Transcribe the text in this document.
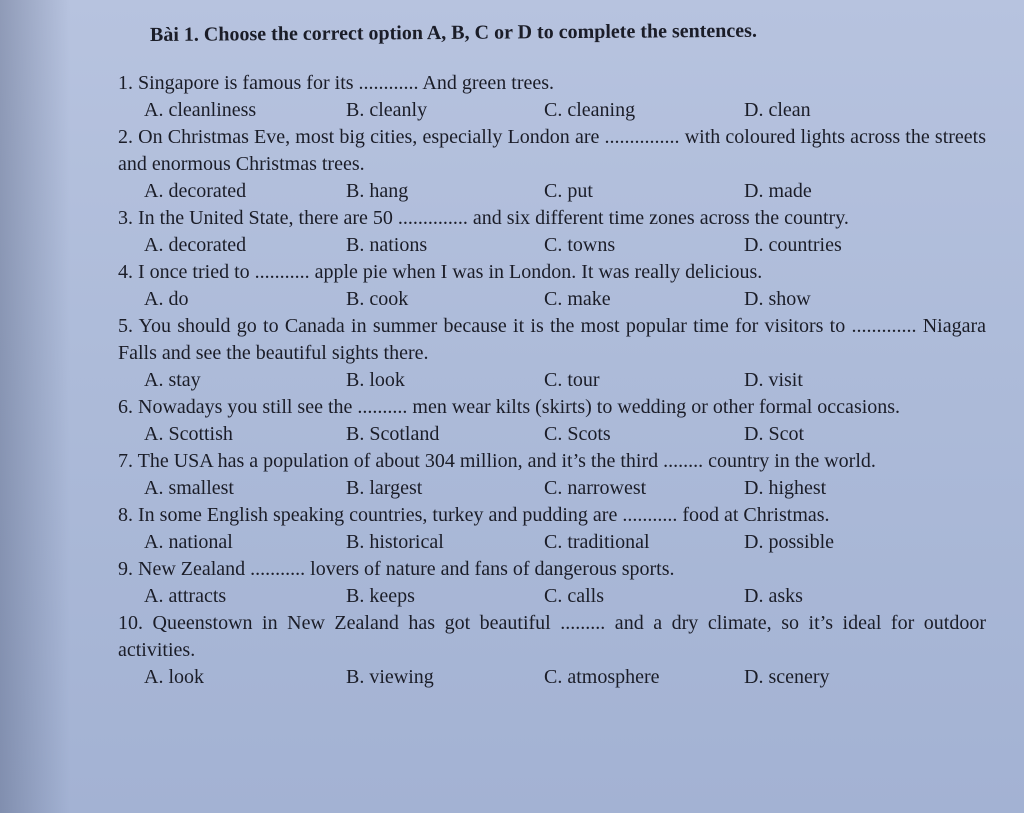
Bài 1. Choose the correct option A, B, C or D to complete the sentences.

1. Singapore is famous for its ............ And green trees.

A. cleanliness	B. cleanly	C. cleaning	D. clean

2. On Christmas Eve, most big cities, especially London are ............... with coloured lights across the streets and enormous Christmas trees.

A. decorated	B. hang	C. put	D. made

3. In the United State, there are 50 .............. and six different time zones across the country.

A. decorated	B. nations	C. towns	D. countries

4. I once tried to ........... apple pie when I was in London. It was really delicious.

A. do	B. cook	C. make	D. show

5. You should go to Canada in summer because it is the most popular time for visitors to ............. Niagara Falls and see the beautiful sights there.

A. stay	B. look	C. tour	D. visit

6. Nowadays you still see the .......... men wear kilts (skirts) to wedding or other formal occasions.

A. Scottish	B. Scotland	C. Scots	D. Scot

7. The USA has a population of about 304 million, and it’s the third ........ country in the world.

A. smallest	B. largest	C. narrowest	D. highest

8. In some English speaking countries, turkey and pudding are ........... food at Christmas.

A. national	B. historical	C. traditional	D. possible

9. New Zealand ........... lovers of nature and fans of dangerous sports.

A. attracts	B. keeps	C. calls	D. asks

10. Queenstown in New Zealand has got beautiful ......... and a dry climate, so it’s ideal for outdoor activities.

A. look	B. viewing	C. atmosphere	D. scenery
